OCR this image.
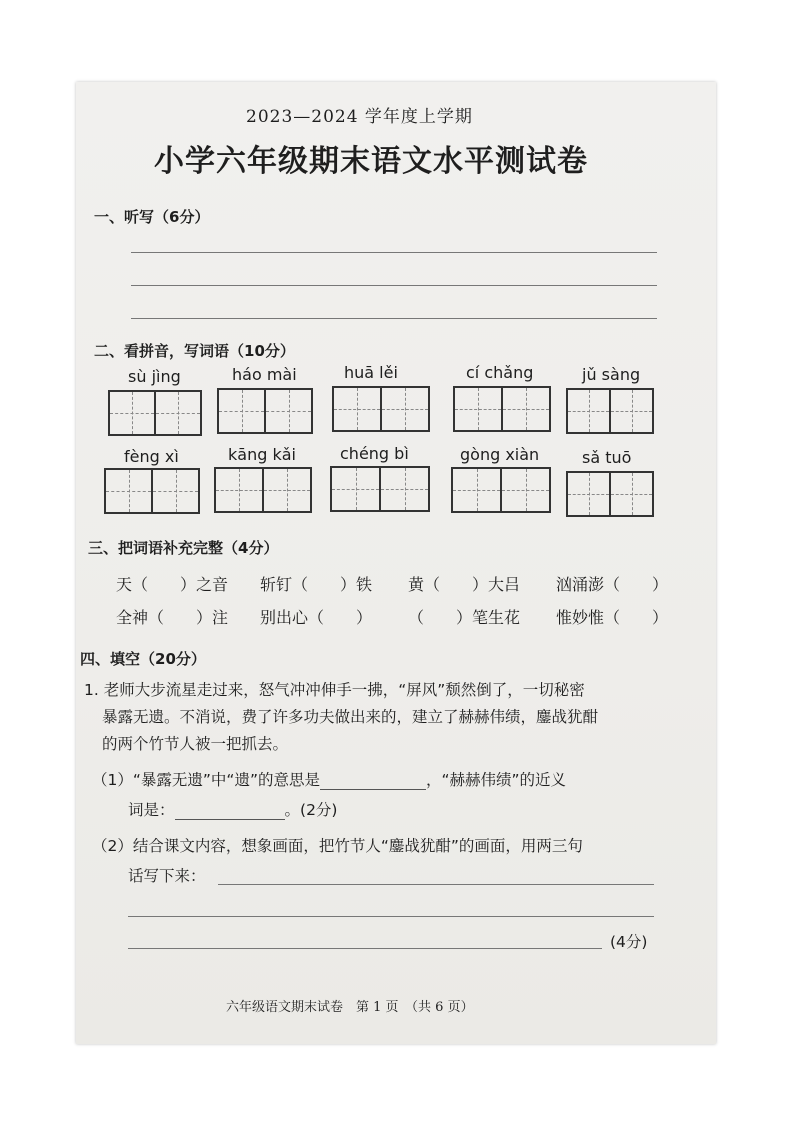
2023—2024 学年度上学期
小学六年级期末语文水平测试卷
一、听写（6分）
二、看拼音，写词语（10分）
sù jìng	háo mài	huā lěi	cí chǎng	jǔ sàng
fèng xì	kāng kǎi	chéng bì	gòng xiàn	sǎ tuō
三、把词语补充完整（4分）
天（　　）之音 斩钉（　　）铁 黄（　　）大吕 汹涌澎（　　）
全神（　　）注 别出心（　　） （　　）笔生花 惟妙惟（　　）
四、填空（20分）
1. 老师大步流星走过来，怒气冲冲伸手一拂，“屏风”颓然倒了，一切秘密
暴露无遗。不消说，费了许多功夫做出来的，建立了赫赫伟绩，鏖战犹酣
的两个竹节人被一把抓去。
（1）“暴露无遗”中“遗”的意思是	，“赫赫伟绩”的近义
词是：	。(2分)
（2）结合课文内容，想象画面，把竹节人“鏖战犹酣”的画面，用两三句
话写下来：
(4分)
六年级语文期末试卷　第 1 页　（共 6 页）
